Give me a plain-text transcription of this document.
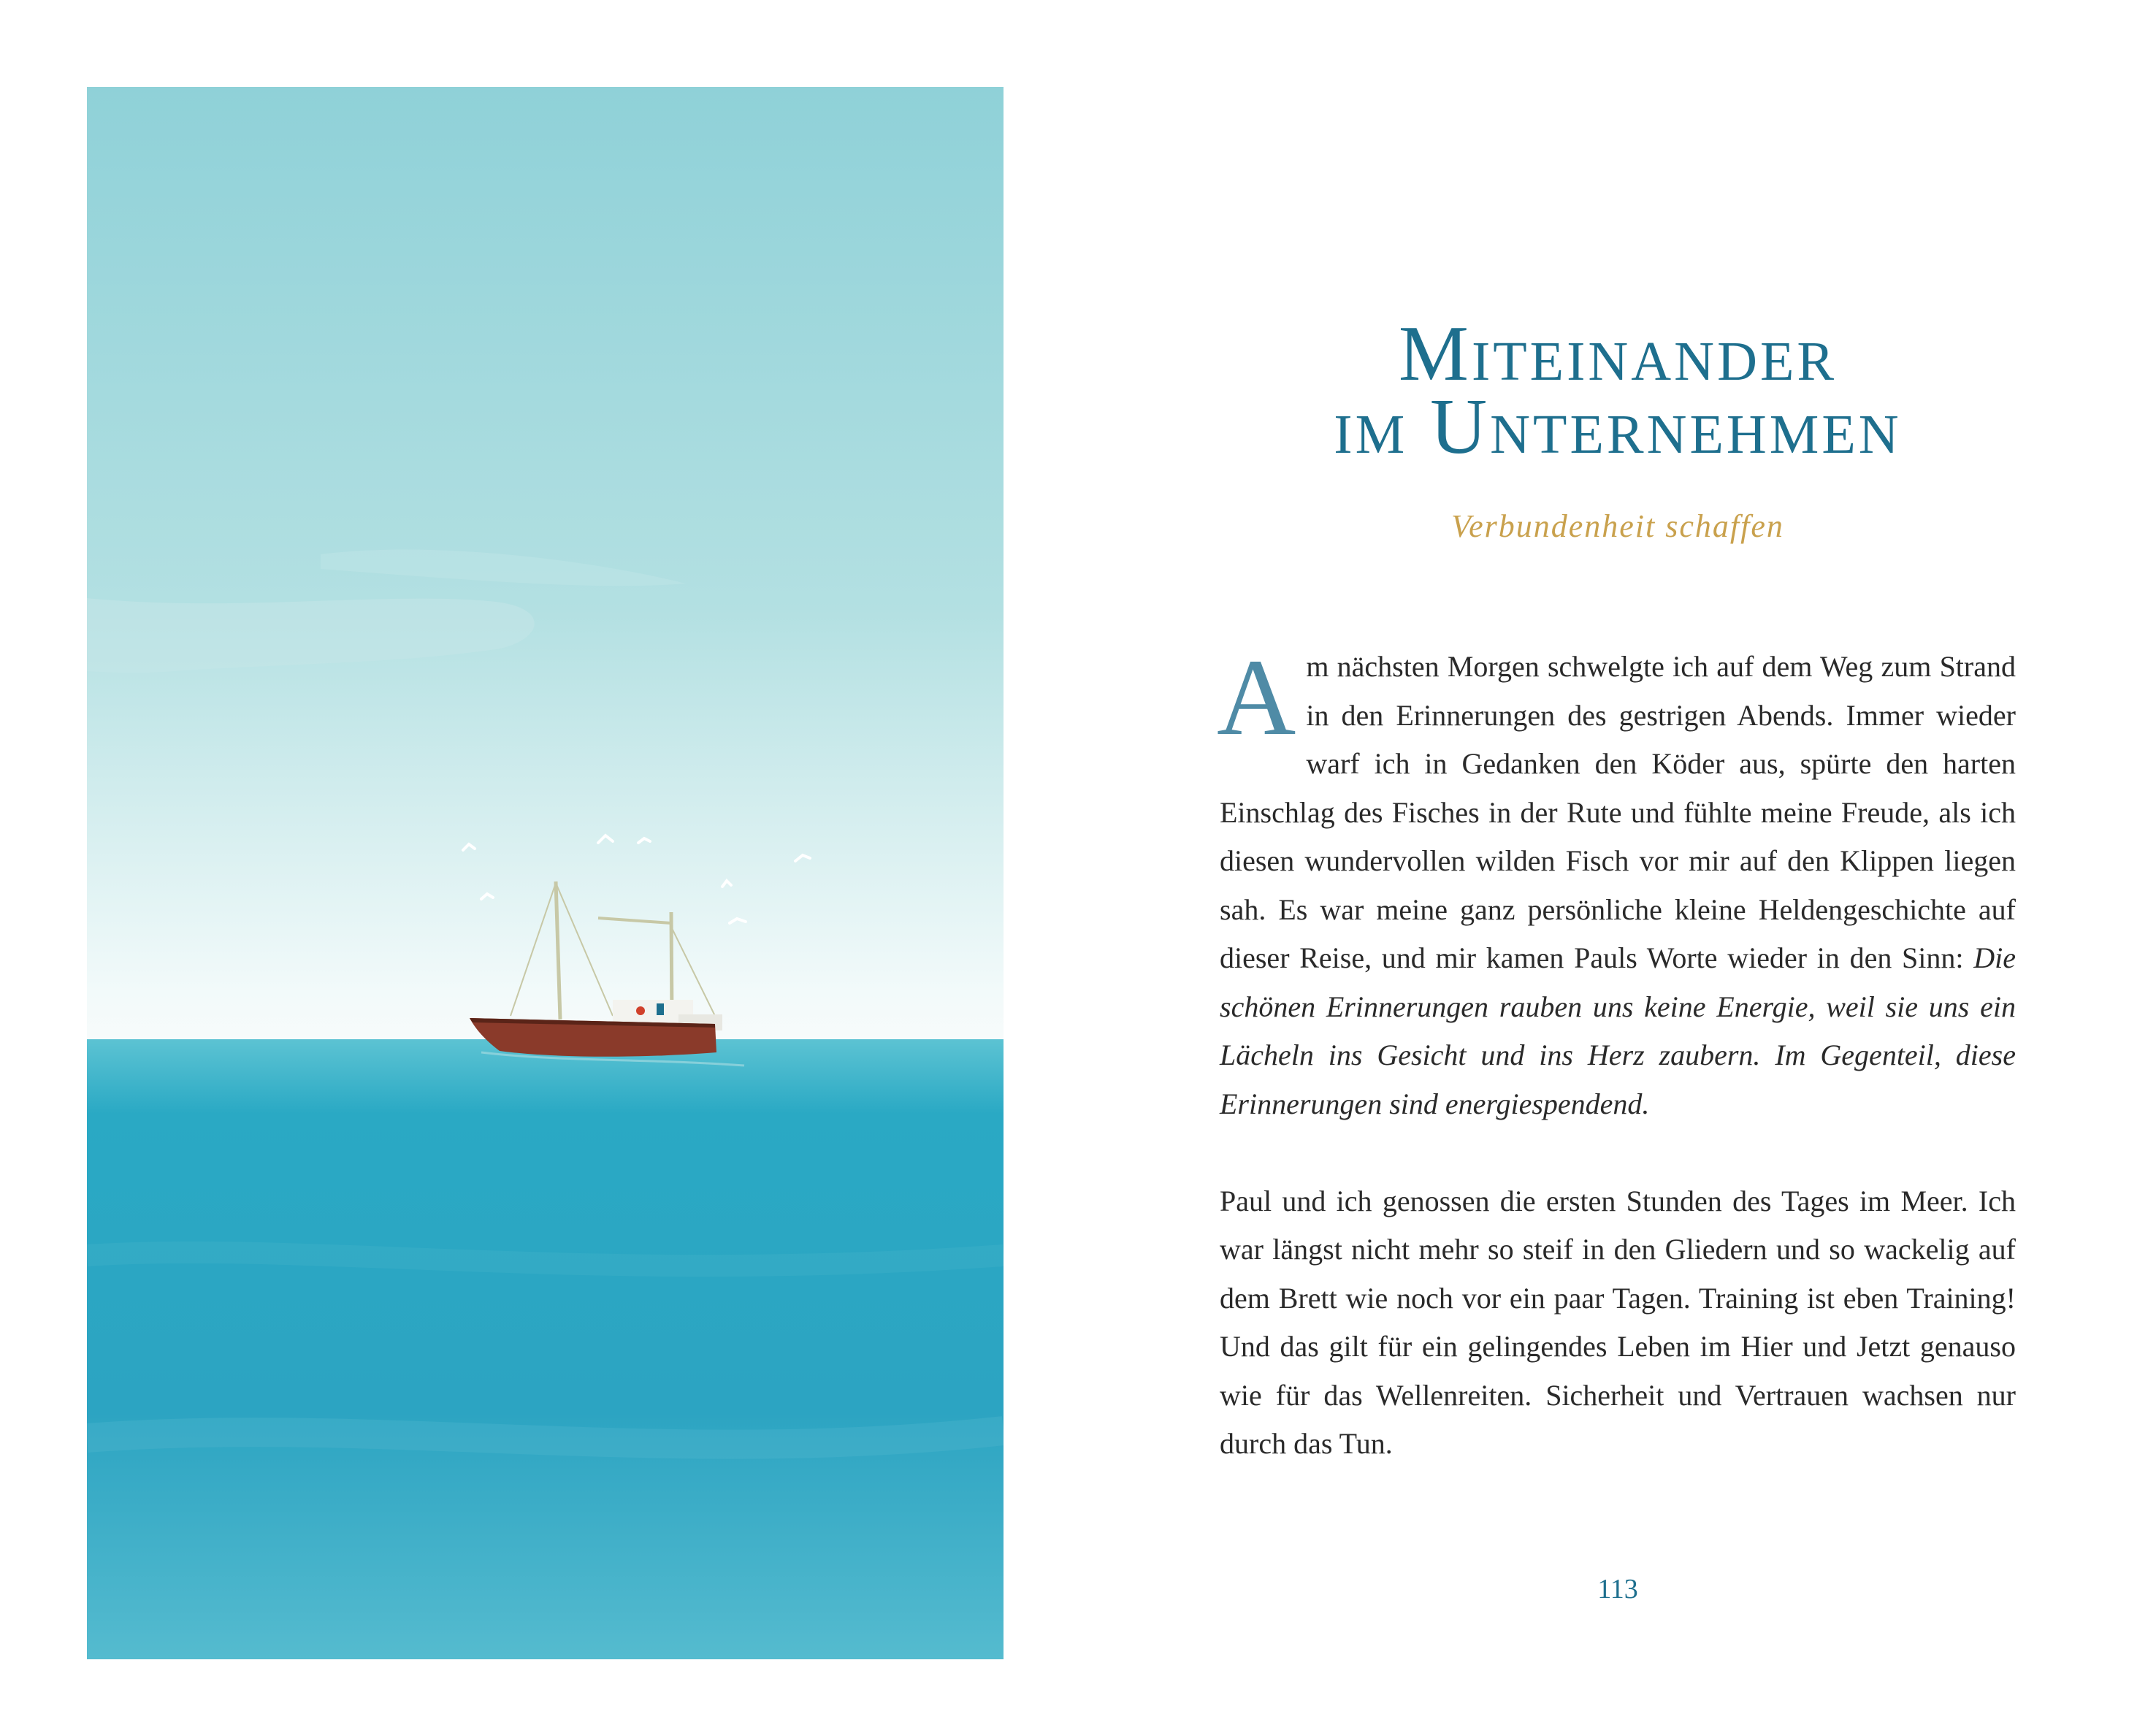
Miteinander
im Unternehmen
Verbundenheit schaffen

Am nächsten Morgen schwelgte ich auf dem Weg zum Strand in den Erinnerungen des gestrigen Abends. Immer wieder warf ich in Gedanken den Köder aus, spürte den harten Einschlag des Fisches in der Rute und fühlte meine Freude, als ich diesen wundervollen wilden Fisch vor mir auf den Klippen liegen sah. Es war meine ganz persönliche kleine Heldengeschichte auf dieser Reise, und mir kamen Pauls Worte wieder in den Sinn: Die schönen Erinnerungen rauben uns keine Energie, weil sie uns ein Lächeln ins Gesicht und ins Herz zaubern. Im Gegenteil, diese Erinnerungen sind energiespendend.

Paul und ich genossen die ersten Stunden des Tages im Meer. Ich war längst nicht mehr so steif in den Gliedern und so wackelig auf dem Brett wie noch vor ein paar Tagen. Training ist eben Training! Und das gilt für ein gelingendes Leben im Hier und Jetzt genauso wie für das Wellenreiten. Sicherheit und Vertrauen wachsen nur durch das Tun.

113
